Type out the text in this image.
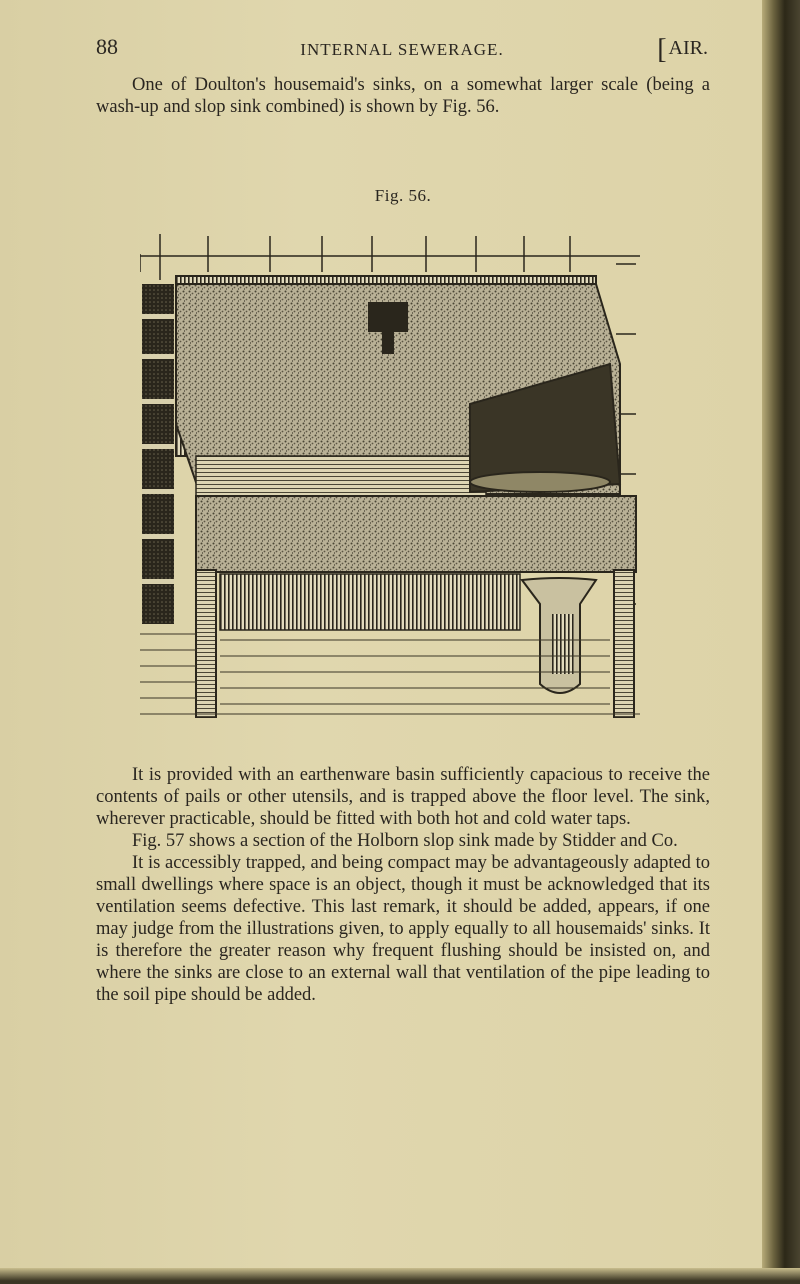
88	INTERNAL SEWERAGE.	[ AIR.

One of Doulton's housemaid's sinks, on a somewhat larger scale (being a wash-up and slop sink combined) is shown by Fig. 56.

Fig. 56.

It is provided with an earthenware basin sufficiently capacious to receive the contents of pails or other utensils, and is trapped above the floor level. The sink, wherever practicable, should be fitted with both hot and cold water taps.

Fig. 57 shows a section of the Holborn slop sink made by Stidder and Co.

It is accessibly trapped, and being compact may be advantageously adapted to small dwellings where space is an object, though it must be acknowledged that its ventilation seems defective. This last remark, it should be added, appears, if one may judge from the illustrations given, to apply equally to all housemaids' sinks. It is therefore the greater reason why frequent flushing should be insisted on, and where the sinks are close to an external wall that ventilation of the pipe leading to the soil pipe should be added.
